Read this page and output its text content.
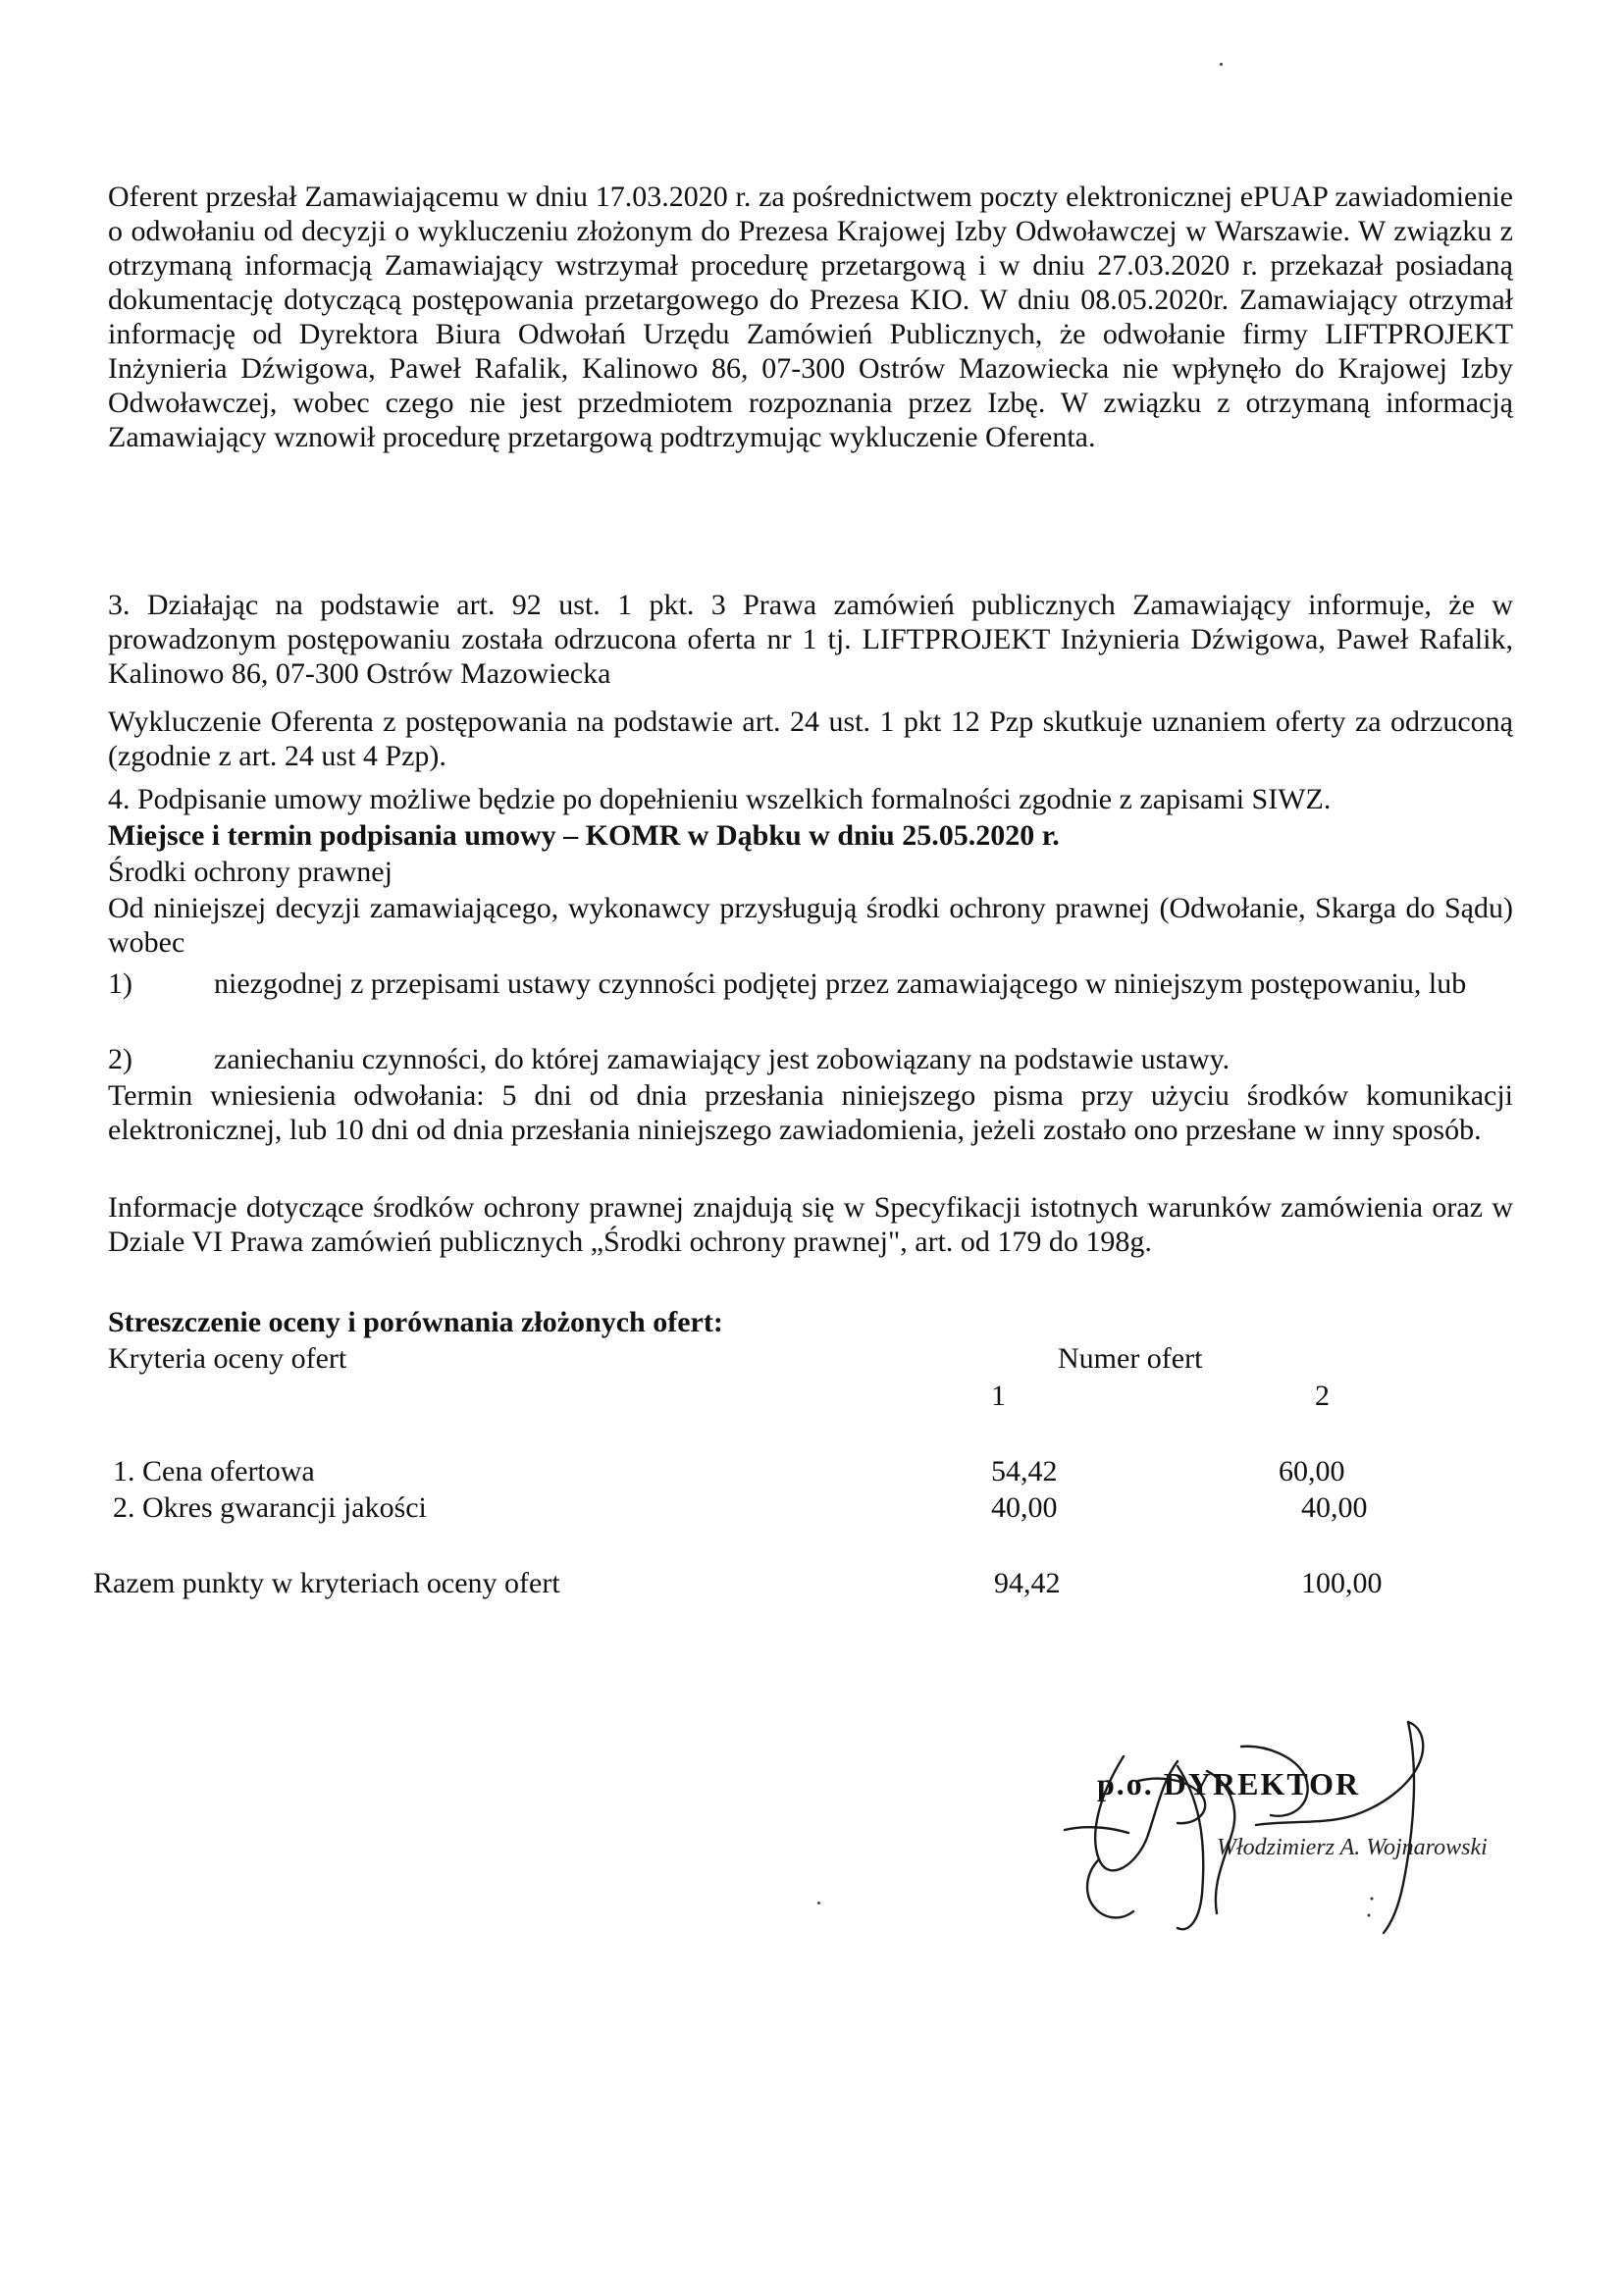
Oferent przesłał Zamawiającemu w dniu 17.03.2020 r. za pośrednictwem poczty elektronicznej ePUAP zawiadomienie o odwołaniu od decyzji o wykluczeniu złożonym do Prezesa Krajowej Izby Odwoławczej w Warszawie. W związku z otrzymaną informacją Zamawiający wstrzymał procedurę przetargową i w dniu 27.03.2020 r. przekazał posiadaną dokumentację dotyczącą postępowania przetargowego do Prezesa KIO. W dniu 08.05.2020r. Zamawiający otrzymał informację od Dyrektora Biura Odwołań Urzędu Zamówień Publicznych, że odwołanie firmy LIFTPROJEKT Inżynieria Dźwigowa, Paweł Rafalik, Kalinowo 86, 07-300 Ostrów Mazowiecka nie wpłynęło do Krajowej Izby Odwoławczej, wobec czego nie jest przedmiotem rozpoznania przez Izbę. W związku z otrzymaną informacją Zamawiający wznowił procedurę przetargową podtrzymując wykluczenie Oferenta.
3. Działając na podstawie art. 92 ust. 1 pkt. 3 Prawa zamówień publicznych Zamawiający informuje, że w prowadzonym postępowaniu została odrzucona oferta nr 1 tj. LIFTPROJEKT Inżynieria Dźwigowa, Paweł Rafalik, Kalinowo 86, 07-300 Ostrów Mazowiecka
Wykluczenie Oferenta z postępowania na podstawie art. 24 ust. 1 pkt 12 Pzp skutkuje uznaniem oferty za odrzuconą (zgodnie z art. 24 ust 4 Pzp).
4. Podpisanie umowy możliwe będzie po dopełnieniu wszelkich formalności zgodnie z zapisami SIWZ.
Miejsce i termin podpisania umowy – KOMR w Dąbku w dniu 25.05.2020 r.
Środki ochrony prawnej
Od niniejszej decyzji zamawiającego, wykonawcy przysługują środki ochrony prawnej (Odwołanie, Skarga do Sądu) wobec
1)	niezgodnej z przepisami ustawy czynności podjętej przez zamawiającego w niniejszym postępowaniu, lub
2)	zaniechaniu czynności, do której zamawiający jest zobowiązany na podstawie ustawy.
Termin wniesienia odwołania: 5 dni od dnia przesłania niniejszego pisma przy użyciu środków komunikacji elektronicznej, lub 10 dni od dnia przesłania niniejszego zawiadomienia, jeżeli zostało ono przesłane w inny sposób.
Informacje dotyczące środków ochrony prawnej znajdują się w Specyfikacji istotnych warunków zamówienia oraz w Dziale VI Prawa zamówień publicznych „Środki ochrony prawnej", art. od 179 do 198g.
Streszczenie oceny i porównania złożonych ofert:
Kryteria oceny ofert	Numer ofert
1	2
1. Cena ofertowa	54,42	60,00
2. Okres gwarancji jakości	40,00	40,00
Razem punkty w kryteriach oceny ofert	94,42	100,00
p.o. DYREKTOR
Włodzimierz A. Wojnarowski
